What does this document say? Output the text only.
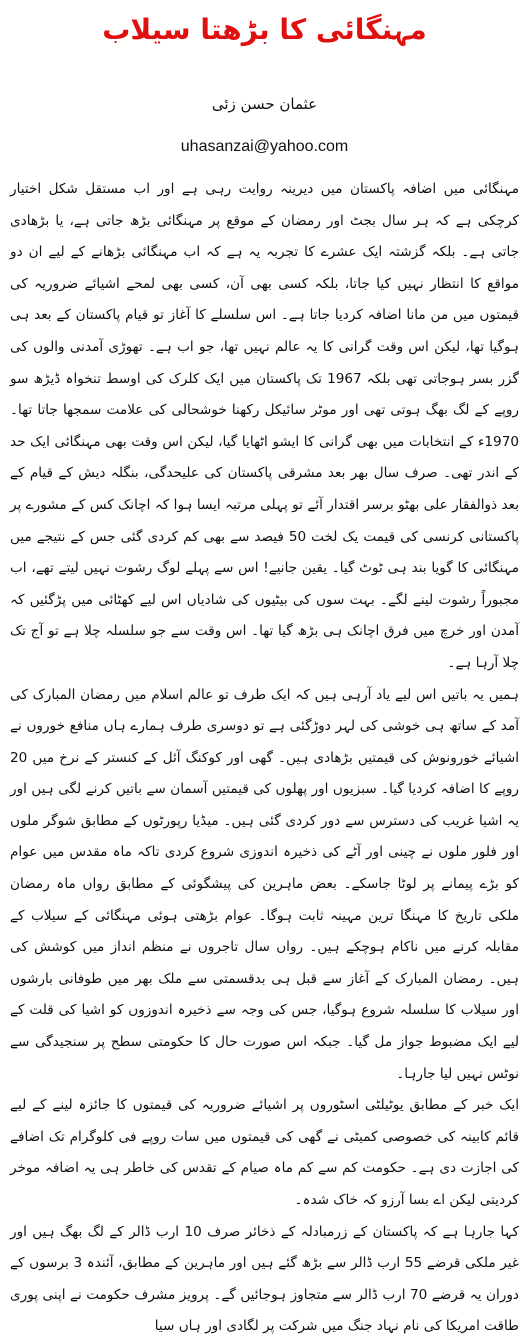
مہنگائی کا بڑھتا سیلاب
عثمان حسن زئی
uhasanzai@yahoo.com

مہنگائی میں اضافہ پاکستان میں دیرینہ روایت رہی ہے اور اب مستقل شکل اختیار کرچکی ہے کہ ہر سال بجٹ اور رمضان کے موقع پر مہنگائی بڑھ جاتی ہے، یا بڑھادی جاتی ہے۔ بلکہ گزشتہ ایک عشرے کا تجربہ یہ ہے کہ اب مہنگائی بڑھانے کے لیے ان دو مواقع کا انتظار نہیں کیا جاتا، بلکہ کسی بھی آن، کسی بھی لمحے اشیائے ضروریہ کی قیمتوں میں من مانا اضافہ کردیا جاتا ہے۔ اس سلسلے کا آغاز تو قیام پاکستان کے بعد ہی ہوگیا تھا، لیکن اس وقت گرانی کا یہ عالم نہیں تھا، جو اب ہے۔ تھوڑی آمدنی والوں کی گزر بسر ہوجاتی تھی بلکہ 1967 تک پاکستان میں ایک کلرک کی اوسط تنخواہ ڈیڑھ سو روپے کے لگ بھگ ہوتی تھی اور موٹر سائیکل رکھنا خوشحالی کی علامت سمجھا جاتا تھا۔ 1970ء کے انتخابات میں بھی گرانی کا ایشو اٹھایا گیا، لیکن اس وقت بھی مہنگائی ایک حد کے اندر تھی۔ صرف سال بھر بعد مشرقی پاکستان کی علیحدگی، بنگلہ دیش کے قیام کے بعد ذوالفقار علی بھٹو برسر اقتدار آئے تو پہلی مرتبہ ایسا ہوا کہ اچانک کس کے مشورے پر پاکستانی کرنسی کی قیمت یک لخت 50 فیصد سے بھی کم کردی گئی جس کے نتیجے میں مہنگائی کا گویا بند ہی ٹوٹ گیا۔ یقین جانیے! اس سے پہلے لوگ رشوت نہیں لیتے تھے، اب مجبوراً رشوت لینے لگے۔ بہت سوں کی بیٹیوں کی شادیاں اس لیے کھٹائی میں پڑگئیں کہ آمدن اور خرچ میں فرق اچانک ہی بڑھ گیا تھا۔ اس وقت سے جو سلسلہ چلا ہے تو آج تک چلا آرہا ہے۔

ہمیں یہ باتیں اس لیے یاد آرہی ہیں کہ ایک طرف تو عالم اسلام میں رمضان المبارک کی آمد کے ساتھ ہی خوشی کی لہر دوڑگئی ہے تو دوسری طرف ہمارے ہاں منافع خوروں نے اشیائے خورونوش کی قیمتیں بڑھادی ہیں۔ گھی اور کوکنگ آئل کے کنستر کے نرخ میں 20 روپے کا اضافہ کردیا گیا۔ سبزیوں اور پھلوں کی قیمتیں آسمان سے باتیں کرنے لگی ہیں اور یہ اشیا غریب کی دسترس سے دور کردی گئی ہیں۔ میڈیا رپورٹوں کے مطابق شوگر ملوں اور فلور ملوں نے چینی اور آٹے کی ذخیرہ اندوزی شروع کردی تاکہ ماہ مقدس میں عوام کو بڑے پیمانے پر لوٹا جاسکے۔ بعض ماہرین کی پیشگوئی کے مطابق رواں ماہ رمضان ملکی تاریخ کا مہنگا ترین مہینہ ثابت ہوگا۔ عوام بڑھتی ہوئی مہنگائی کے سیلاب کے مقابلہ کرنے میں ناکام ہوچکے ہیں۔ رواں سال تاجروں نے منظم انداز میں کوشش کی ہیں۔ رمضان المبارک کے آغاز سے قبل ہی بدقسمتی سے ملک بھر میں طوفانی بارشوں اور سیلاب کا سلسلہ شروع ہوگیا، جس کی وجہ سے ذخیرہ اندوزوں کو اشیا کی قلت کے لیے ایک مضبوط جواز مل گیا۔ جبکہ اس صورت حال کا حکومتی سطح پر سنجیدگی سے نوٹس نہیں لیا جارہا۔

ایک خبر کے مطابق یوٹیلٹی اسٹوروں پر اشیائے ضروریہ کی قیمتوں کا جائزہ لینے کے لیے قائم کابینہ کی خصوصی کمیٹی نے گھی کی قیمتوں میں سات روپے فی کلوگرام تک اضافے کی اجازت دی ہے۔ حکومت کم سے کم ماہ صیام کے تقدس کی خاطر ہی یہ اضافہ موخر کردیتی لیکن اے بسا آرزو کہ خاک شدہ۔

کہا جارہا ہے کہ پاکستان کے زرمبادلہ کے ذخائر صرف 10 ارب ڈالر کے لگ بھگ ہیں اور غیر ملکی قرضے 55 ارب ڈالر سے بڑھ گئے ہیں اور ماہرین کے مطابق، آئندہ 3 برسوں کے دوران یہ قرضے 70 ارب ڈالر سے متجاوز ہوجائیں گے۔ پرویز مشرف حکومت نے اپنی پوری طاقت امریکا کی نام نہاد جنگ میں شرکت پر لگادی اور ہاں سیا
